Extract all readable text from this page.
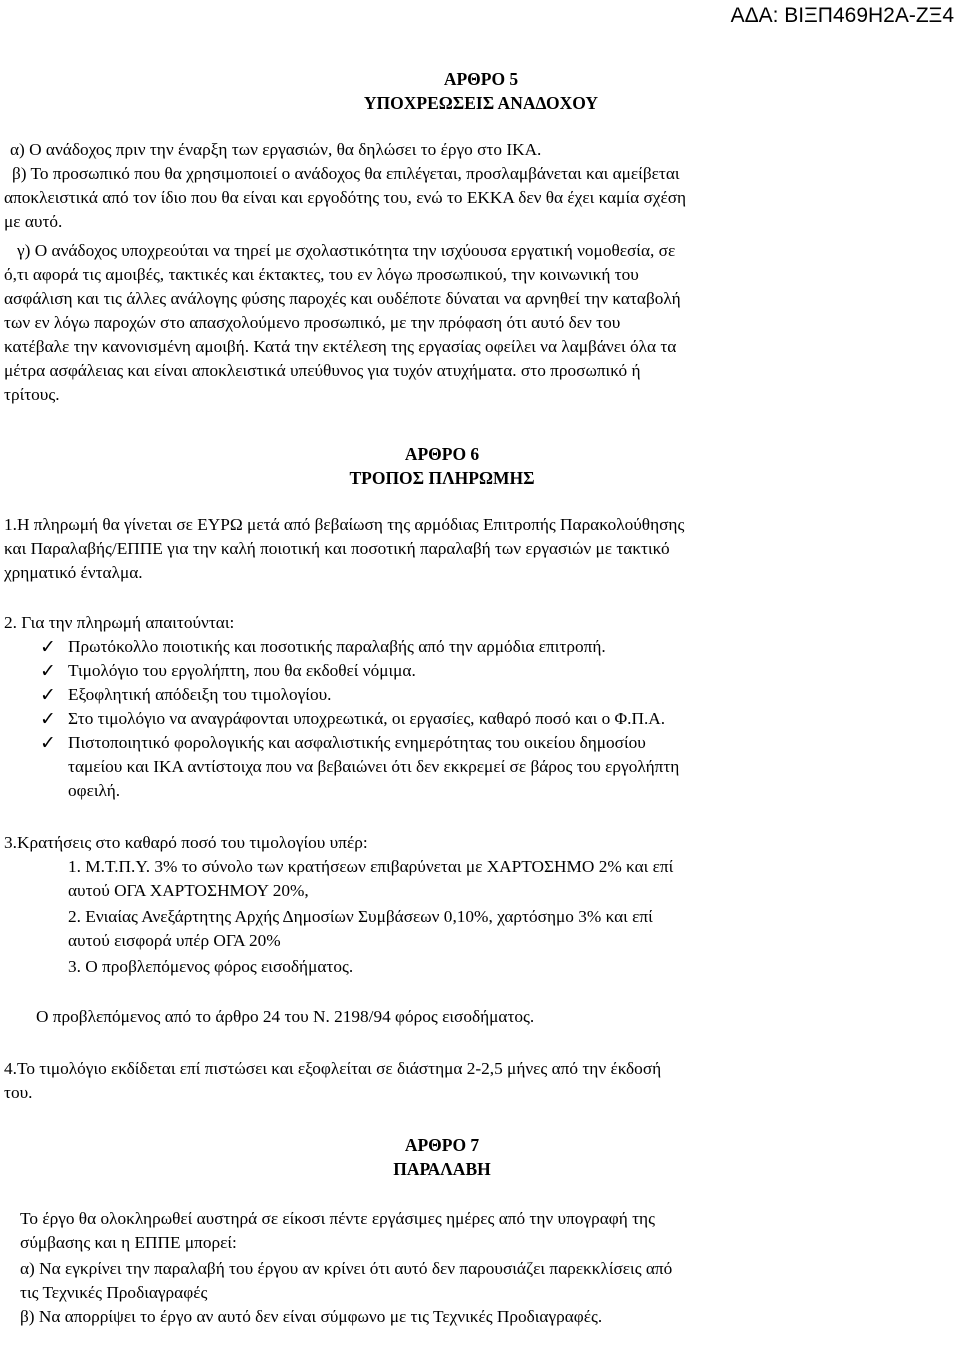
ΑΔΑ: ΒΙΞΠ469Η2Α-ΖΞ4
ΑΡΘΡΟ 5
ΥΠΟΧΡΕΩΣΕΙΣ ΑΝΑΔΟΧΟΥ
α) Ο ανάδοχος πριν την έναρξη των εργασιών, θα δηλώσει το έργο στο ΙΚΑ.
β) Το προσωπικό που θα χρησιμοποιεί ο ανάδοχος θα επιλέγεται, προσλαμβάνεται και αμείβεται
αποκλειστικά από τον ίδιο που θα είναι και εργοδότης του, ενώ το ΕΚΚΑ δεν θα έχει καμία σχέση
με αυτό.
γ) Ο ανάδοχος υποχρεούται να τηρεί με σχολαστικότητα την ισχύουσα εργατική νομοθεσία, σε
ό,τι αφορά τις αμοιβές, τακτικές και έκτακτες, του εν λόγω προσωπικού, την κοινωνική του
ασφάλιση και τις άλλες ανάλογης φύσης παροχές και ουδέποτε δύναται να αρνηθεί την καταβολή
των εν λόγω παροχών στο απασχολούμενο προσωπικό, με την πρόφαση ότι αυτό δεν του
κατέβαλε την κανονισμένη αμοιβή. Κατά την εκτέλεση της εργασίας οφείλει να λαμβάνει όλα τα
μέτρα ασφάλειας και είναι αποκλειστικά υπεύθυνος για τυχόν ατυχήματα. στο προσωπικό ή
τρίτους.
ΑΡΘΡΟ 6
ΤΡΟΠΟΣ ΠΛΗΡΩΜΗΣ
1.Η πληρωμή θα γίνεται σε ΕΥΡΩ μετά από βεβαίωση της αρμόδιας Επιτροπής Παρακολούθησης
και Παραλαβής/ΕΠΠΕ για την καλή ποιοτική και ποσοτική παραλαβή των εργασιών με τακτικό
χρηματικό ένταλμα.
2. Για την πληρωμή απαιτούνται:
✓ Πρωτόκολλο ποιοτικής και ποσοτικής παραλαβής από την αρμόδια επιτροπή.
✓ Τιμολόγιο του εργολήπτη, που θα εκδοθεί νόμιμα.
✓ Εξοφλητική απόδειξη του τιμολογίου.
✓ Στο τιμολόγιο να αναγράφονται υποχρεωτικά, οι εργασίες, καθαρό ποσό και ο Φ.Π.Α.
✓ Πιστοποιητικό φορολογικής και ασφαλιστικής ενημερότητας του οικείου δημοσίου
ταμείου και ΙΚΑ αντίστοιχα που να βεβαιώνει ότι δεν εκκρεμεί σε βάρος του εργολήπτη
οφειλή.
3.Κρατήσεις στο καθαρό ποσό του τιμολογίου υπέρ:
1. Μ.Τ.Π.Υ. 3% το σύνολο των κρατήσεων επιβαρύνεται με ΧΑΡΤΟΣΗΜΟ 2% και επί
αυτού ΟΓΑ ΧΑΡΤΟΣΗΜΟΥ 20%,
2. Ενιαίας Ανεξάρτητης Αρχής Δημοσίων Συμβάσεων 0,10%, χαρτόσημο 3% και επί
αυτού εισφορά υπέρ ΟΓΑ 20%
3. Ο προβλεπόμενος φόρος εισοδήματος.
Ο προβλεπόμενος από το άρθρο 24 του Ν. 2198/94 φόρος εισοδήματος.
4.Το τιμολόγιο εκδίδεται επί πιστώσει και εξοφλείται σε διάστημα 2-2,5 μήνες από την έκδοσή
του.
ΑΡΘΡΟ 7
ΠΑΡΑΛΑΒΗ
Το έργο θα ολοκληρωθεί αυστηρά σε είκοσι πέντε εργάσιμες ημέρες από την υπογραφή της
σύμβασης και η ΕΠΠΕ μπορεί:
α) Να εγκρίνει την παραλαβή του έργου αν κρίνει ότι αυτό δεν παρουσιάζει παρεκκλίσεις από
τις Τεχνικές Προδιαγραφές
β) Να απορρίψει το έργο αν αυτό δεν είναι σύμφωνο με τις Τεχνικές Προδιαγραφές.
